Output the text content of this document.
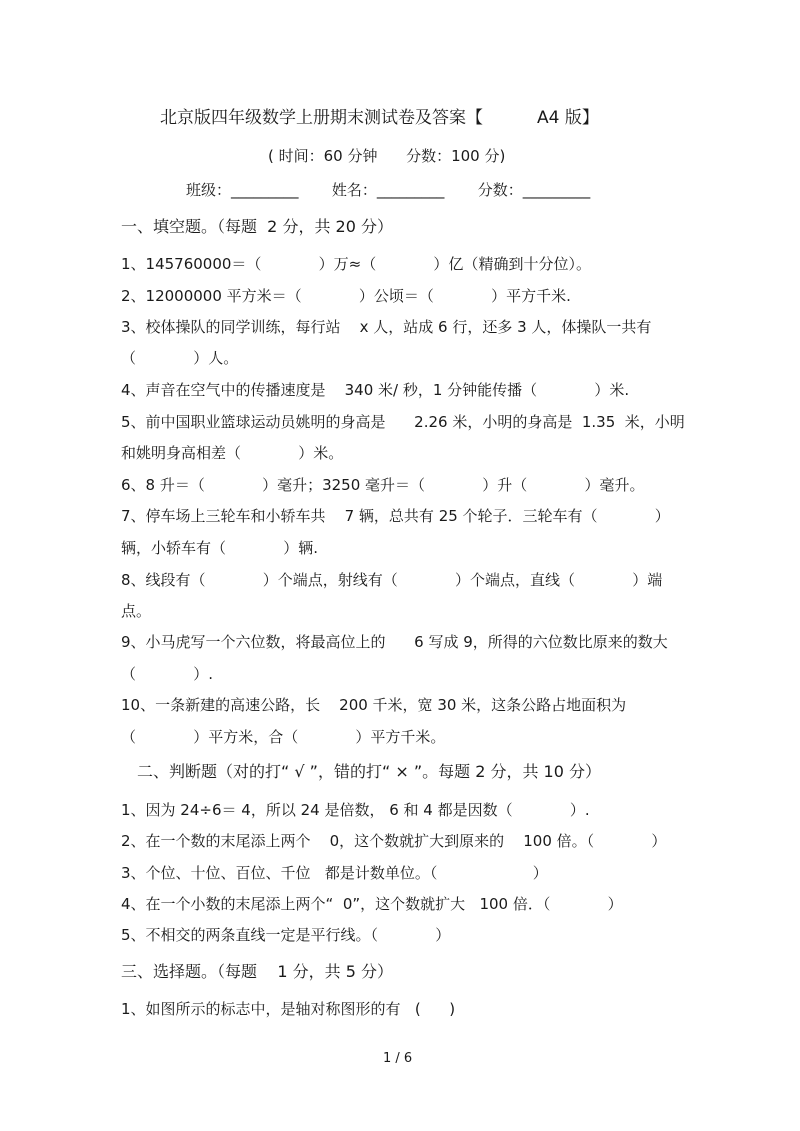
北京版四年级数学上册期末测试卷及答案【          A4 版】
( 时间：60 分钟      分数：100 分)
班级：_________       姓名：_________       分数：_________
一、填空题。（每题  2 分，共 20 分）
1、145760000＝（            ）万≈（            ）亿（精确到十分位）。
2、12000000 平方米＝（            ）公顷＝（            ）平方千米.
3、校体操队的同学训练，每行站    x 人，站成 6 行，还多 3 人，体操队一共有
（            ）人。
4、声音在空气中的传播速度是    340 米/ 秒，1 分钟能传播（            ）米.
5、前中国职业篮球运动员姚明的身高是      2.26 米，小明的身高是  1.35  米，小明
和姚明身高相差（            ）米。
6、8 升＝（            ）毫升；3250 毫升＝（            ）升（            ）毫升。
7、停车场上三轮车和小轿车共    7 辆，总共有 25 个轮子．三轮车有（            ）
辆，小轿车有（            ）辆.
8、线段有（            ）个端点，射线有（            ）个端点，直线（            ）端
点。
9、小马虎写一个六位数，将最高位上的      6 写成 9，所得的六位数比原来的数大
（            ）.
10、一条新建的高速公路，长    200 千米，宽 30 米，这条公路占地面积为
（            ）平方米，合（            ）平方千米。
二、判断题（对的打“ √ ”，错的打“ × ”。每题 2 分，共 10 分）
1、因为 24÷6＝ 4，所以 24 是倍数， 6 和 4 都是因数（            ）.
2、在一个数的末尾添上两个    0，这个数就扩大到原来的    100 倍。（            ）
3、个位、十位、百位、千位   都是计数单位。（                    ）
4、在一个小数的末尾添上两个“  0”，这个数就扩大   100 倍．（            ）
5、不相交的两条直线一定是平行线。（            ）
三、选择题。（每题    1 分，共 5 分）
1、如图所示的标志中，是轴对称图形的有   (      )
1 / 6
